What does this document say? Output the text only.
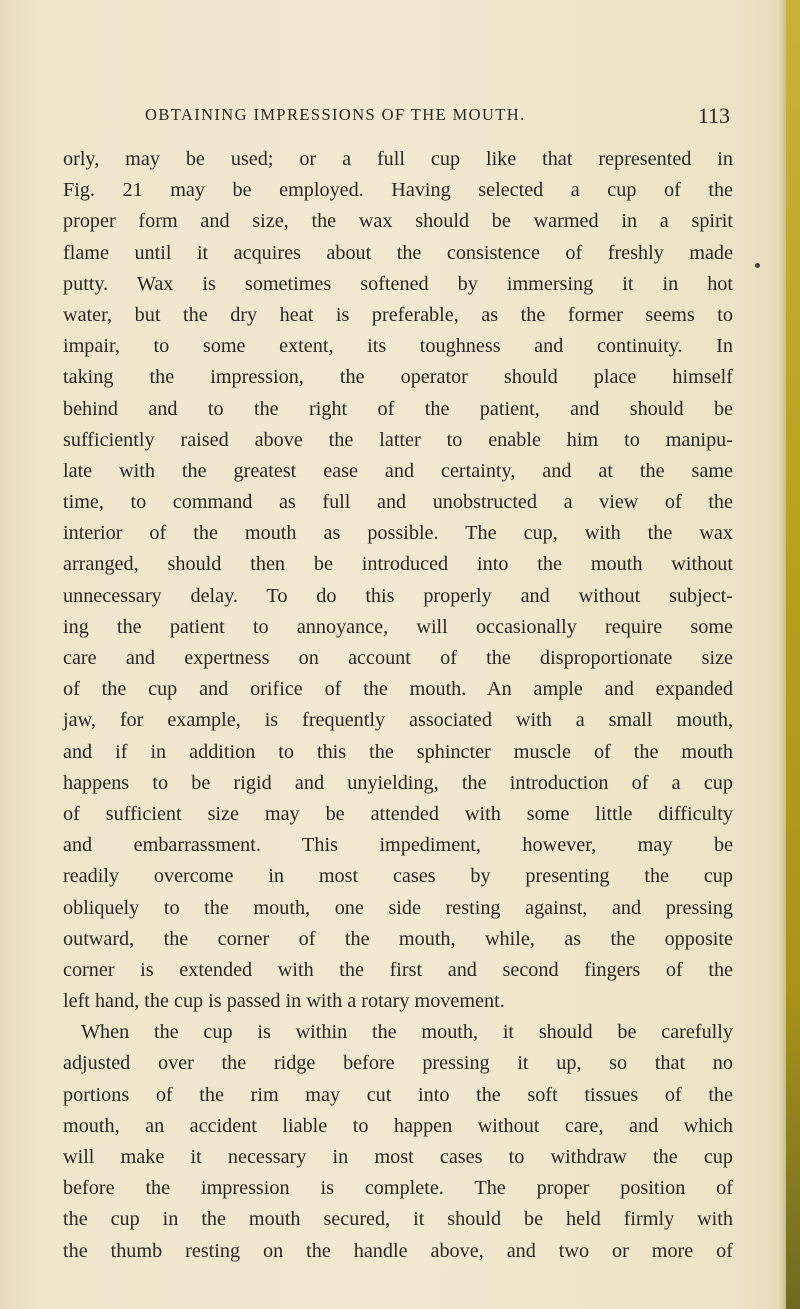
OBTAINING IMPRESSIONS OF THE MOUTH.	113
orly, may be used; or a full cup like that represented in
Fig. 21 may be employed. Having selected a cup of the
proper form and size, the wax should be warmed in a spirit
flame until it acquires about the consistence of freshly made
putty. Wax is sometimes softened by immersing it in hot
water, but the dry heat is preferable, as the former seems to
impair, to some extent, its toughness and continuity. In
taking the impression, the operator should place himself
behind and to the right of the patient, and should be
sufficiently raised above the latter to enable him to manipu-
late with the greatest ease and certainty, and at the same
time, to command as full and unobstructed a view of the
interior of the mouth as possible. The cup, with the wax
arranged, should then be introduced into the mouth without
unnecessary delay. To do this properly and without subject-
ing the patient to annoyance, will occasionally require some
care and expertness on account of the disproportionate size
of the cup and orifice of the mouth. An ample and expanded
jaw, for example, is frequently associated with a small mouth,
and if in addition to this the sphincter muscle of the mouth
happens to be rigid and unyielding, the introduction of a cup
of sufficient size may be attended with some little difficulty
and embarrassment. This impediment, however, may be
readily overcome in most cases by presenting the cup
obliquely to the mouth, one side resting against, and pressing
outward, the corner of the mouth, while, as the opposite
corner is extended with the first and second fingers of the
left hand, the cup is passed in with a rotary movement.
When the cup is within the mouth, it should be carefully
adjusted over the ridge before pressing it up, so that no
portions of the rim may cut into the soft tissues of the
mouth, an accident liable to happen without care, and which
will make it necessary in most cases to withdraw the cup
before the impression is complete. The proper position of
the cup in the mouth secured, it should be held firmly with
the thumb resting on the handle above, and two or more of
